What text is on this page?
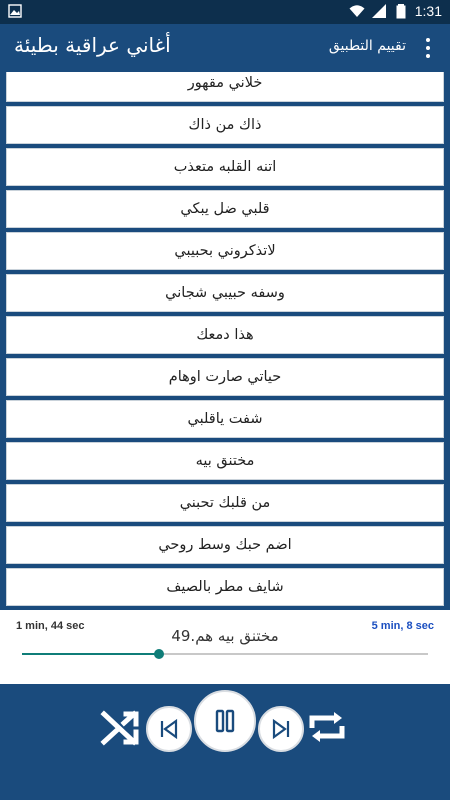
1:31
أغاني عراقية بطيئة	تقييم التطبيق
خلاني مقهور
ذاك من ذاك
اتنه القلبه متعذب
قلبي ضل يبكي
لاتذكروني بحبيبي
وسفه حبيبي شجاني
هذا دمعك
حياتي صارت اوهام
شفت ياقلبي
مختنق بيه
من قلبك تحبني
اضم حبك وسط روحي
شايف مطر بالصيف
1 min, 44 sec	5 min, 8 sec
49.مختنق بيه هم
